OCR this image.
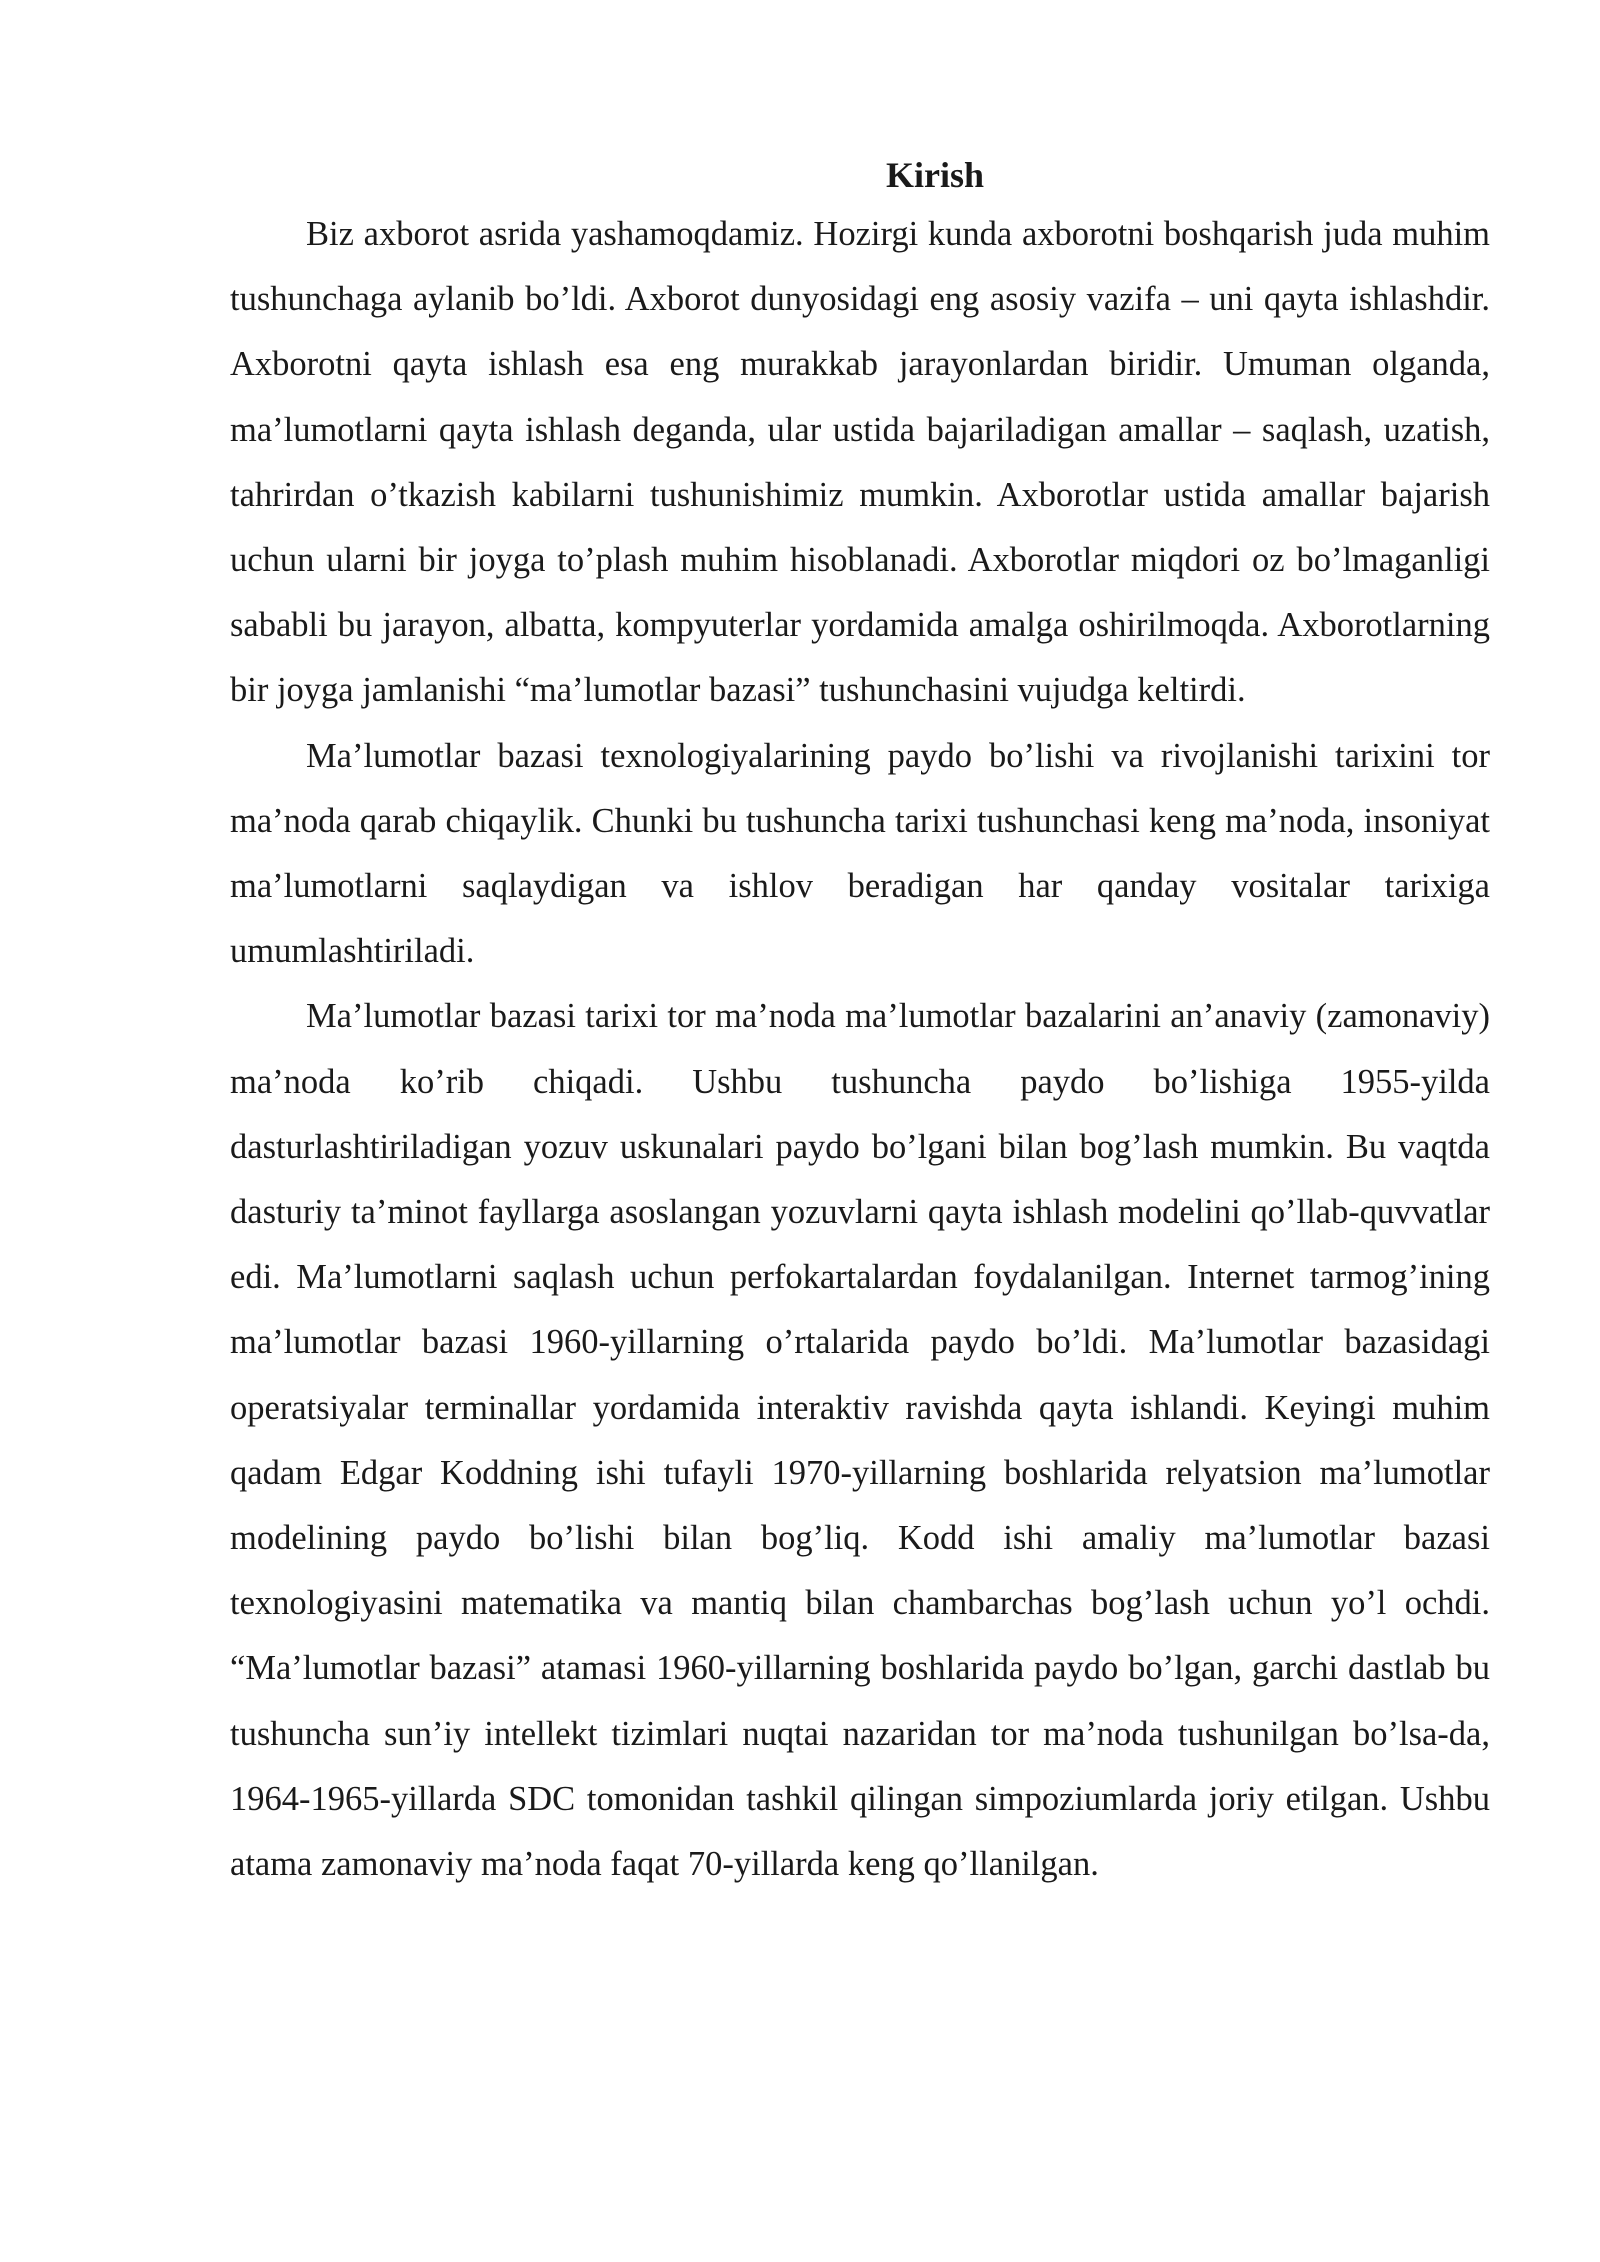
Kirish

Biz axborot asrida yashamoqdamiz. Hozirgi kunda axborotni boshqarish juda muhim tushunchaga aylanib bo’ldi. Axborot dunyosidagi eng asosiy vazifa – uni qayta ishlashdir. Axborotni qayta ishlash esa eng murakkab jarayonlardan biridir. Umuman olganda, ma’lumotlarni qayta ishlash deganda, ular ustida bajariladigan amallar – saqlash, uzatish, tahrirdan o’tkazish kabilarni tushunishimiz mumkin. Axborotlar ustida amallar bajarish uchun ularni bir joyga to’plash muhim hisoblanadi. Axborotlar miqdori oz bo’lmaganligi sababli bu jarayon, albatta, kompyuterlar yordamida amalga oshirilmoqda. Axborotlarning bir joyga jamlanishi “ma’lumotlar bazasi” tushunchasini vujudga keltirdi.

Ma’lumotlar bazasi texnologiyalarining paydo bo’lishi va rivojlanishi tarixini tor ma’noda qarab chiqaylik. Chunki bu tushuncha tarixi tushunchasi keng ma’noda, insoniyat ma’lumotlarni saqlaydigan va ishlov beradigan har qanday vositalar tarixiga umumlashtiriladi.

Ma’lumotlar bazasi tarixi tor ma’noda ma’lumotlar bazalarini an’anaviy (zamonaviy) ma’noda ko’rib chiqadi. Ushbu tushuncha paydo bo’lishiga 1955-yilda dasturlashtiriladigan yozuv uskunalari paydo bo’lgani bilan bog’lash mumkin. Bu vaqtda dasturiy ta’minot fayllarga asoslangan yozuvlarni qayta ishlash modelini qo’llab-quvvatlar edi. Ma’lumotlarni saqlash uchun perfokartalardan foydalanilgan. Internet tarmog’ining ma’lumotlar bazasi 1960-yillarning o’rtalarida paydo bo’ldi. Ma’lumotlar bazasidagi operatsiyalar terminallar yordamida interaktiv ravishda qayta ishlandi. Keyingi muhim qadam Edgar Koddning ishi tufayli 1970-yillarning boshlarida relyatsion ma’lumotlar modelining paydo bo’lishi bilan bog’liq. Kodd ishi amaliy ma’lumotlar bazasi texnologiyasini matematika va mantiq bilan chambarchas bog’lash uchun yo’l ochdi. “Ma’lumotlar bazasi” atamasi 1960-yillarning boshlarida paydo bo’lgan, garchi dastlab bu tushuncha sun’iy intellekt tizimlari nuqtai nazaridan tor ma’noda tushunilgan bo’lsa-da, 1964-1965-yillarda SDC tomonidan tashkil qilingan simpoziumlarda joriy etilgan. Ushbu atama zamonaviy ma’noda faqat 70-yillarda keng qo’llanilgan.
